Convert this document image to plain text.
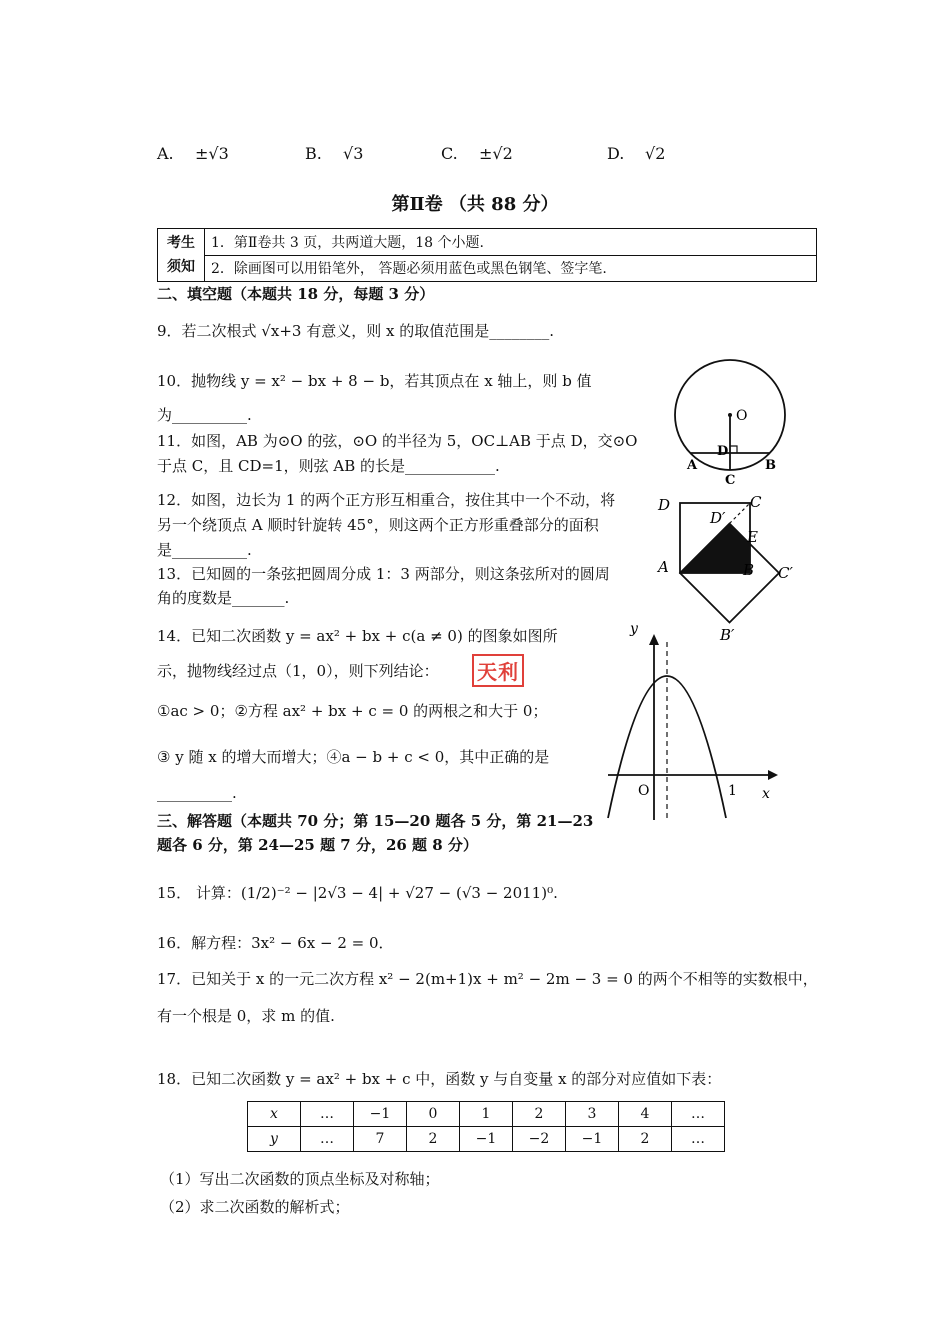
A. ±√3	B. √3	C. ±√2	D. √2
第Ⅱ卷 （共 88 分）
考生
须知	1．第Ⅱ卷共 3 页，共两道大题，18 个小题.
2．除画图可以用铅笔外， 答题必须用蓝色或黑色钢笔、签字笔.
二、填空题（本题共 18 分，每题 3 分）
9．若二次根式 √x+3 有意义，则 x 的取值范围是________.
10．抛物线 y = x² − bx + 8 − b，若其顶点在 x 轴上，则 b 值
为__________.
11．如图，AB 为⊙O 的弦，⊙O 的半径为 5，OC⊥AB 于点 D，交⊙O
于点 C，且 CD=1，则弦 AB 的长是____________.
12．如图，边长为 1 的两个正方形互相重合，按住其中一个不动，将
另一个绕顶点 A 顺时针旋转 45°，则这两个正方形重叠部分的面积
是__________.
13．已知圆的一条弦把圆周分成 1：3 两部分，则这条弦所对的圆周
角的度数是_______.
14．已知二次函数 y = ax² + bx + c(a ≠ 0) 的图象如图所
示，抛物线经过点（1，0），则下列结论： 天利
①ac > 0；②方程 ax² + bx + c = 0 的两根之和大于 0；
③ y 随 x 的增大而增大；④a − b + c < 0，其中正确的是
__________.
三、解答题（本题共 70 分；第 15—20 题各 5 分，第 21—23
题各 6 分，第 24—25 题 7 分，26 题 8 分）
15． 计算：(1/2)⁻² − |2√3 − 4| + √27 − (√3 − 2011)⁰.
16．解方程：3x² − 6x − 2 = 0．
17．已知关于 x 的一元二次方程 x² − 2(m+1)x + m² − 2m − 3 = 0 的两个不相等的实数根中，
有一个根是 0，求 m 的值.
18．已知二次函数 y = ax² + bx + c 中，函数 y 与自变量 x 的部分对应值如下表：
x	…	−1	0	1	2	3	4	…
y	…	7	2	−1	−2	−1	2	…
（1）写出二次函数的顶点坐标及对称轴；
（2）求二次函数的解析式；
O
A	B
C
D
D	C
D′
E
A	B C′
B′
y
x
O	1
